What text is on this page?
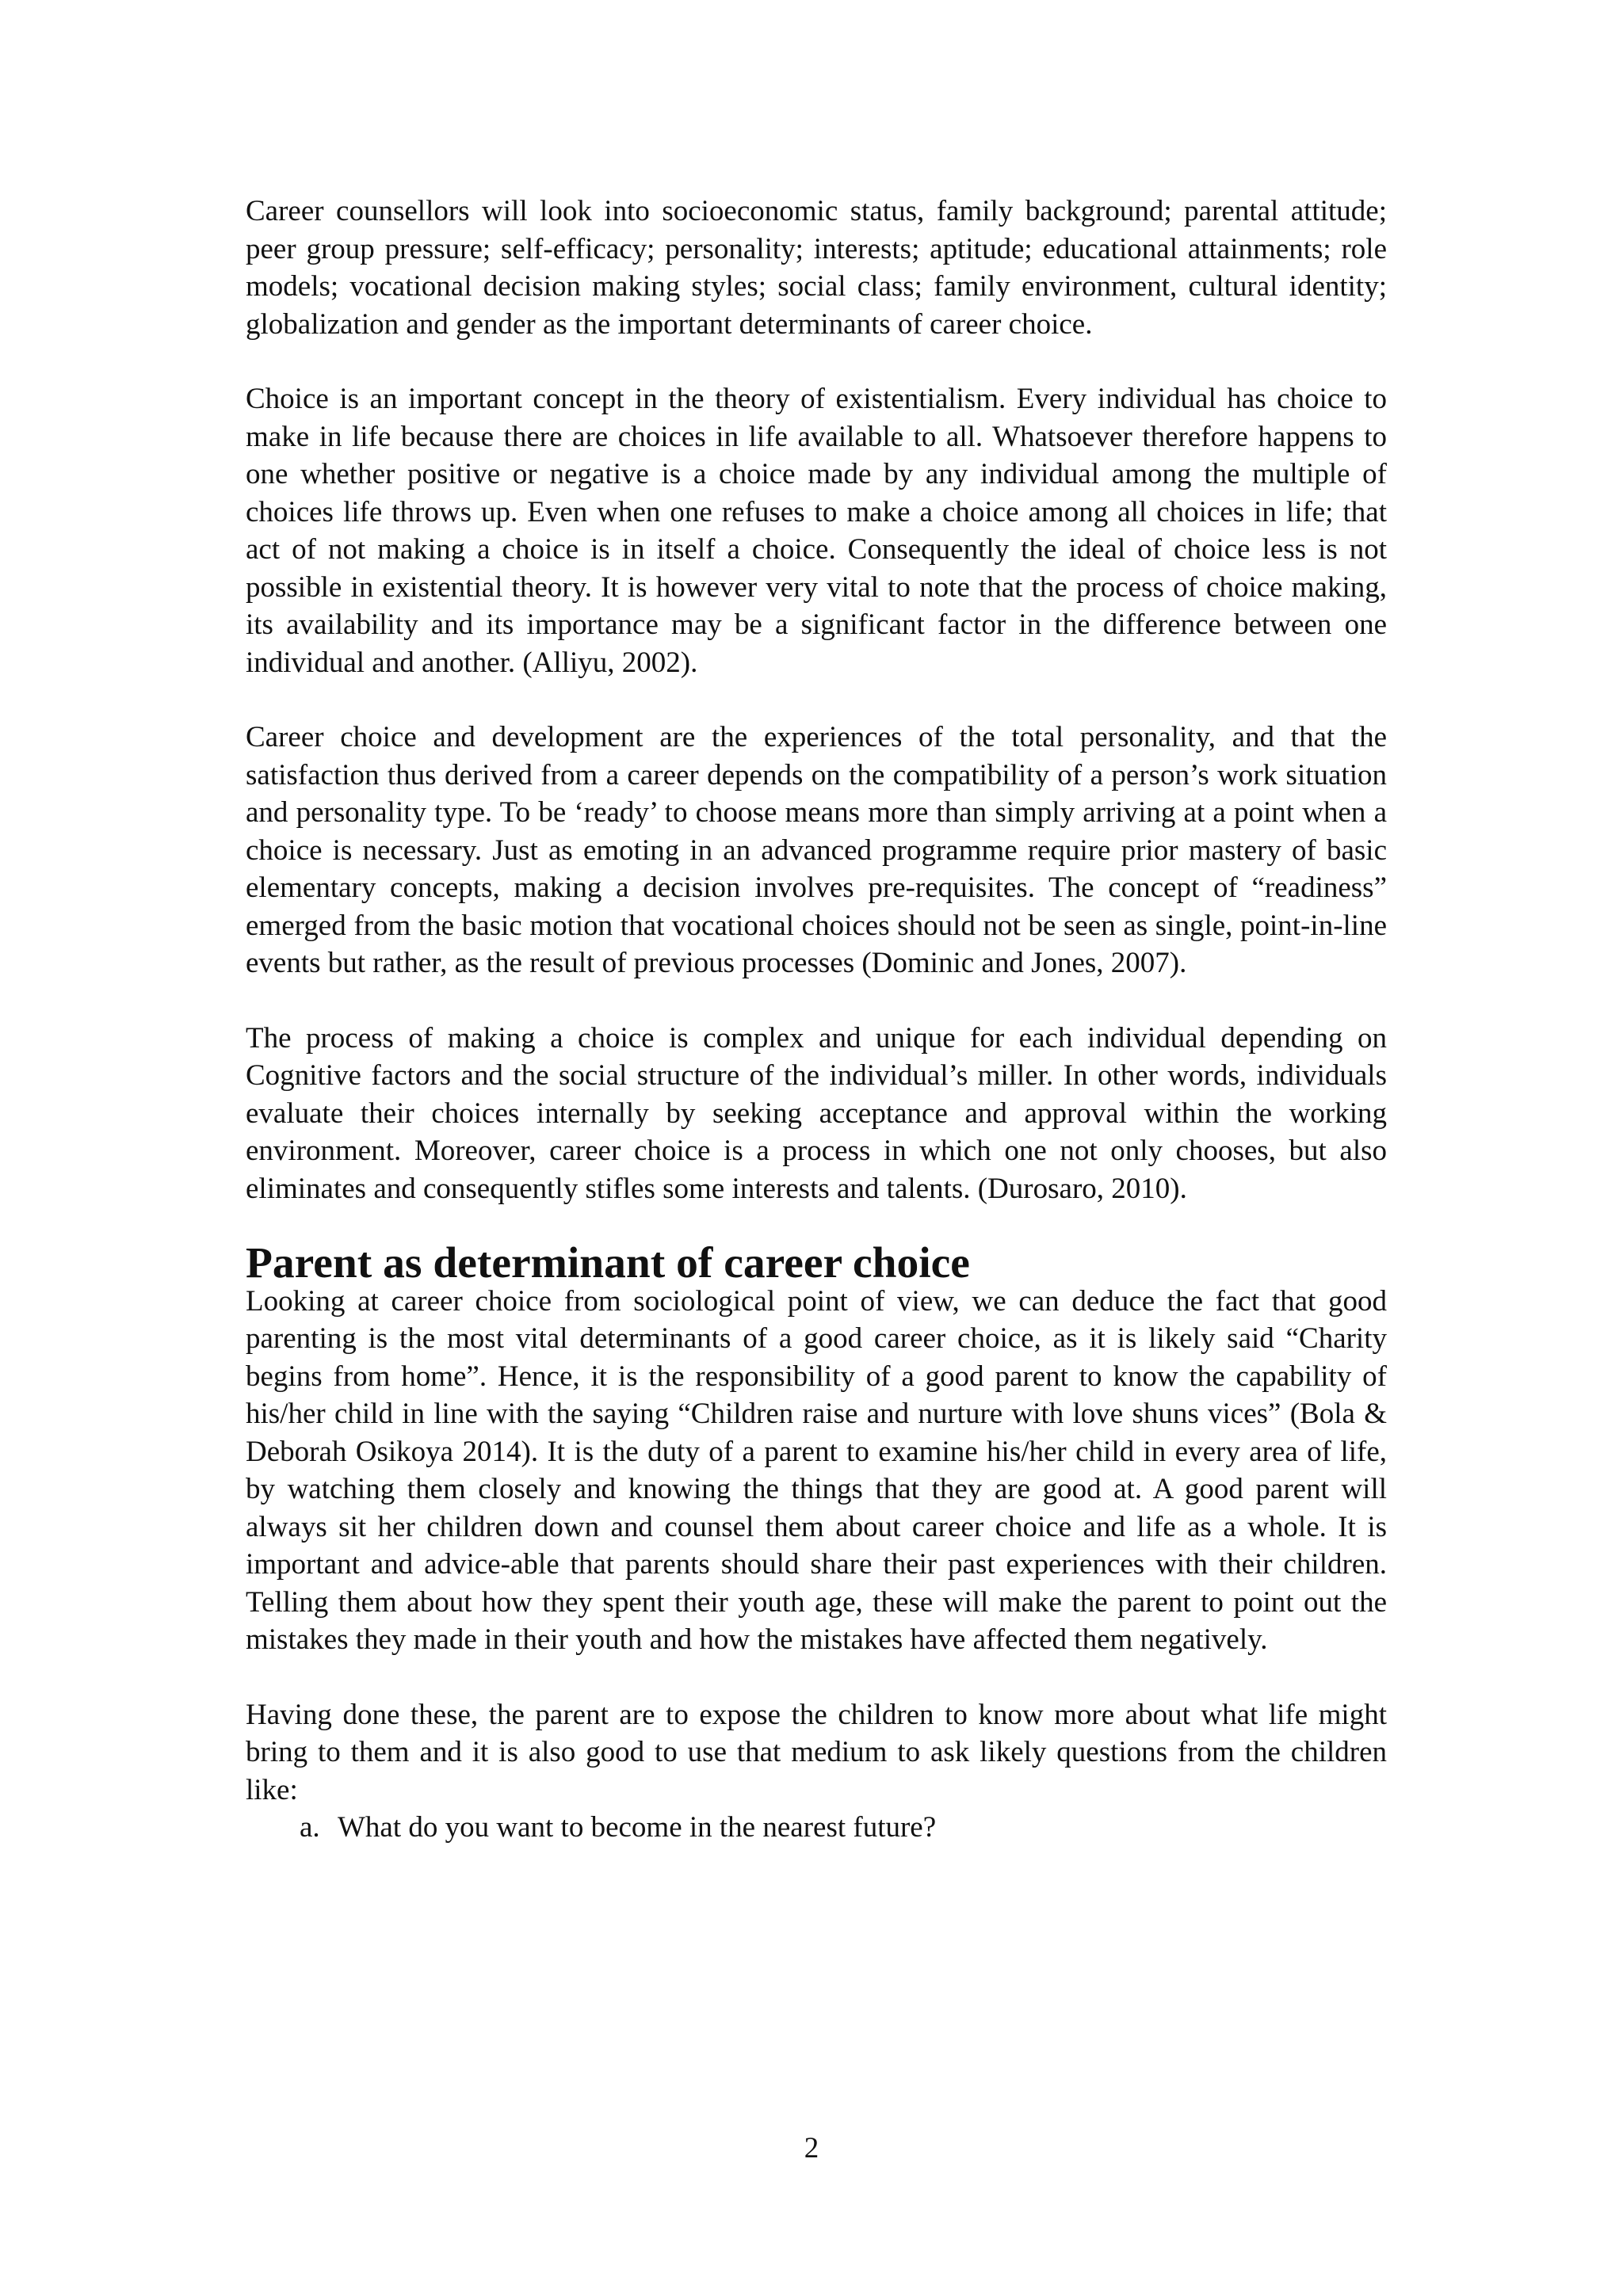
Career counsellors will look into socioeconomic status, family background; parental attitude; peer group pressure; self-efficacy; personality; interests; aptitude; educational attainments; role models; vocational decision making styles; social class; family environment, cultural identity; globalization and gender as the important determinants of career choice.

Choice is an important concept in the theory of existentialism. Every individual has choice to make in life because there are choices in life available to all. Whatsoever therefore happens to one whether positive or negative is a choice made by any individual among the multiple of choices life throws up. Even when one refuses to make a choice among all choices in life; that act of not making a choice is in itself a choice. Consequently the ideal of choice less is not possible in existential theory. It is however very vital to note that the process of choice making, its availability and its importance may be a significant factor in the difference between one individual and another. (Alliyu, 2002).

Career choice and development are the experiences of the total personality, and that the satisfaction thus derived from a career depends on the compatibility of a person’s work situation and personality type. To be ‘ready’ to choose means more than simply arriving at a point when a choice is necessary. Just as emoting in an advanced programme require prior mastery of basic elementary concepts, making a decision involves pre-requisites. The concept of “readiness” emerged from the basic motion that vocational choices should not be seen as single, point-in-line events but rather, as the result of previous processes (Dominic and Jones, 2007).

The process of making a choice is complex and unique for each individual depending on Cognitive factors and the social structure of the individual’s miller. In other words, individuals evaluate their choices internally by seeking acceptance and approval within the working environment. Moreover, career choice is a process in which one not only chooses, but also eliminates and consequently stifles some interests and talents. (Durosaro, 2010).

Parent as determinant of career choice

Looking at career choice from sociological point of view, we can deduce the fact that good parenting is the most vital determinants of a good career choice, as it is likely said “Charity begins from home”. Hence, it is the responsibility of a good parent to know the capability of his/her child in line with the saying “Children raise and nurture with love shuns vices” (Bola & Deborah Osikoya 2014). It is the duty of a parent to examine his/her child in every area of life, by watching them closely and knowing the things that they are good at. A good parent will always sit her children down and counsel them about career choice and life as a whole. It is important and advice-able that parents should share their past experiences with their children. Telling them about how they spent their youth age, these will make the parent to point out the mistakes they made in their youth and how the mistakes have affected them negatively.

Having done these, the parent are to expose the children to know more about what life might bring to them and it is also good to use that medium to ask likely questions from the children like:

a. What do you want to become in the nearest future?
2
